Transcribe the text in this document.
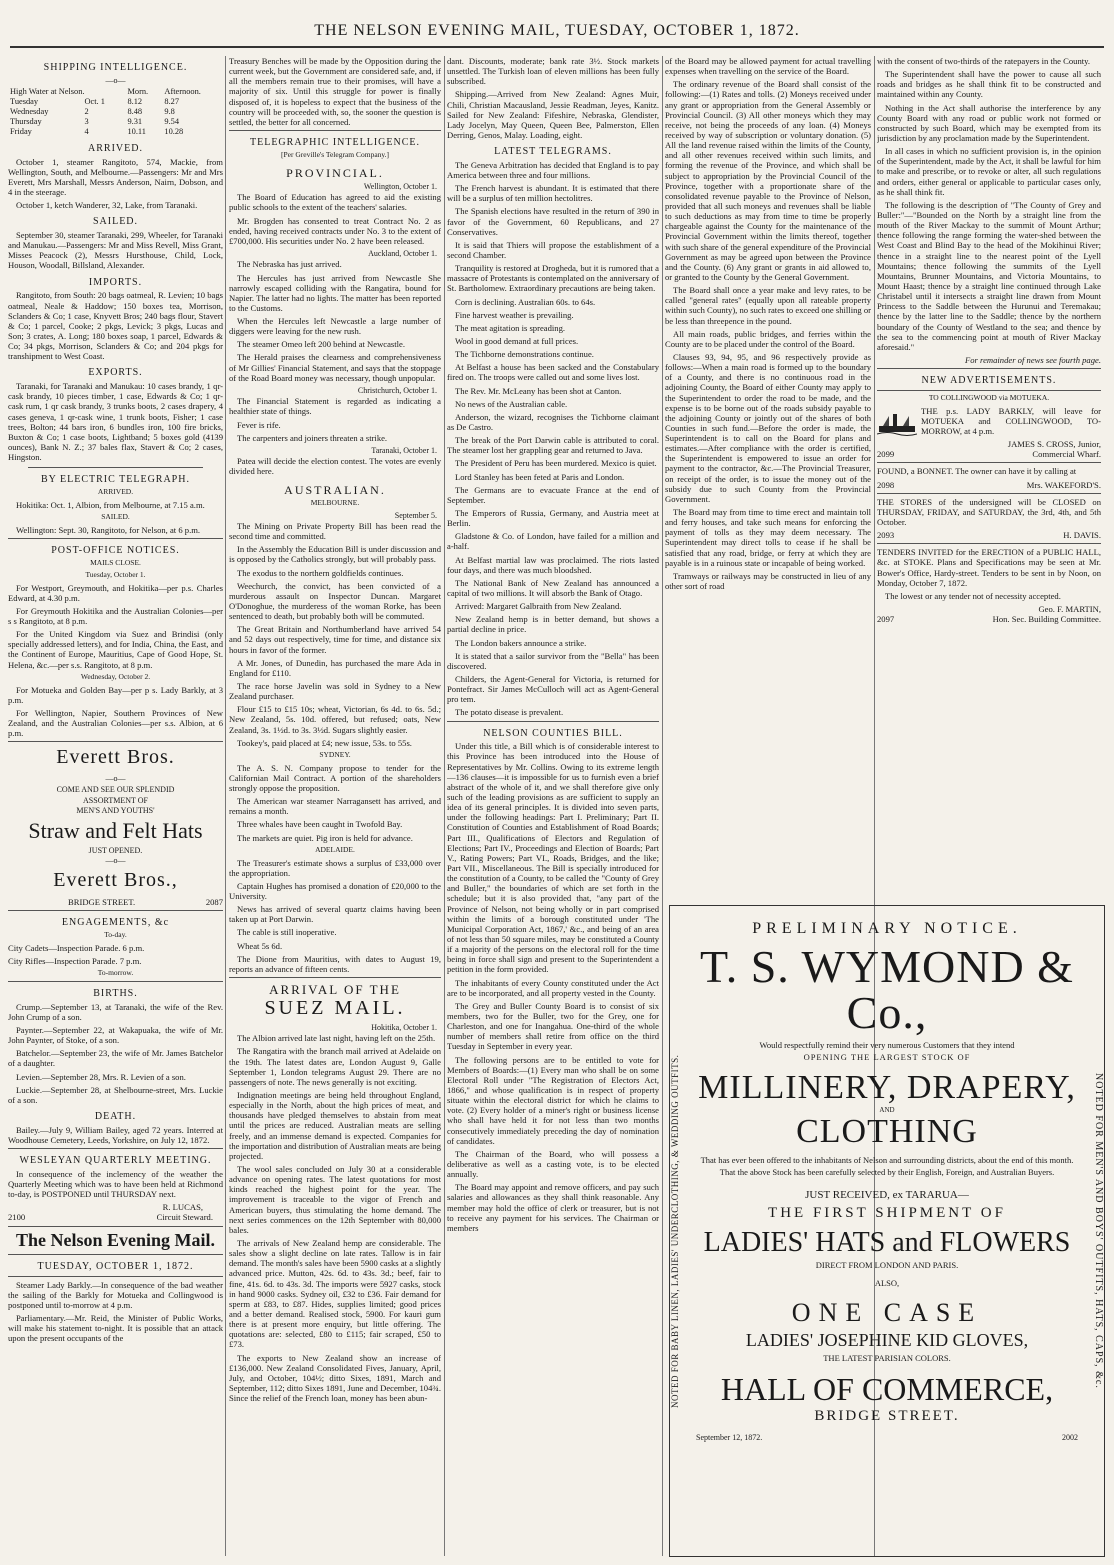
THE NELSON EVENING MAIL, TUESDAY, OCTOBER 1, 1872.
SHIPPING INTELLIGENCE.
—o—
High Water at Nelson.		Morn.	Afternoon.
Tuesday	Oct. 1	8.12	8.27
Wednesday	2	8.48	9.8
Thursday	3	9.31	9.54
Friday	4	10.11	10.28
ARRIVED.

October 1, steamer Rangitoto, 574, Mackie, from Wellington, South, and Melbourne.—Passengers: Mr and Mrs Everett, Mrs Marshall, Messrs Anderson, Nairn, Dobson, and 4 in the steerage.

October 1, ketch Wanderer, 32, Lake, from Taranaki.

SAILED.

September 30, steamer Taranaki, 299, Wheeler, for Taranaki and Manukau.—Passengers: Mr and Miss Revell, Miss Grant, Misses Peacock (2), Messrs Hursthouse, Child, Lock, Houson, Woodall, Billsland, Alexander.

IMPORTS.

Rangitoto, from South: 20 bags oatmeal, R. Levien; 10 bags oatmeal, Neale & Haddow; 150 boxes tea, Morrison, Sclanders & Co; 1 case, Knyvett Bros; 240 bags flour, Stavert & Co; 1 parcel, Cooke; 2 pkgs, Levick; 3 pkgs, Lucas and Son; 3 crates, A. Long; 180 boxes soap, 1 parcel, Edwards & Co; 34 pkgs, Morrison, Sclanders & Co; and 204 pkgs for transhipment to West Coast.

EXPORTS.

Taranaki, for Taranaki and Manukau: 10 cases brandy, 1 qr-cask brandy, 10 pieces timber, 1 case, Edwards & Co; 1 qr-cask rum, 1 qr cask brandy, 3 trunks boots, 2 cases drapery, 4 cases geneva, 1 qr-cask wine, 1 trunk boots, Fisher; 1 case trees, Bolton; 44 bars iron, 6 bundles iron, 100 fire bricks, Buxton & Co; 1 case boots, Lightband; 5 boxes gold (4139 ounces), Bank N. Z.; 37 bales flax, Stavert & Co; 2 cases, Hingston.

BY ELECTRIC TELEGRAPH.
ARRIVED.

Hokitika: Oct. 1, Albion, from Melbourne, at 7.15 a.m.

SAILED.

Wellington: Sept. 30, Rangitoto, for Nelson, at 6 p.m.

POST-OFFICE NOTICES.
MAILS CLOSE.
Tuesday, October 1.

For Westport, Greymouth, and Hokitika—per p.s. Charles Edward, at 4.30 p.m.

For Greymouth Hokitika and the Australian Colonies—per s s Rangitoto, at 8 p.m.

For the United Kingdom via Suez and Brindisi (only specially addressed letters), and for India, China, the East, and the Continent of Europe, Mauritius, Cape of Good Hope, St. Helena, &c.—per s.s. Rangitoto, at 8 p.m.

Wednesday, October 2.

For Motueka and Golden Bay—per p s. Lady Barkly, at 3 p.m.

For Wellington, Napier, Southern Provinces of New Zealand, and the Australian Colonies—per s.s. Albion, at 6 p.m.

Everett Bros.
—o—
COME AND SEE OUR SPLENDID
ASSORTMENT OF
MEN'S AND YOUTHS'
Straw and Felt Hats
JUST OPENED.
—o—
Everett Bros.,
BRIDGE STREET.	2087
ENGAGEMENTS, &c
To-day.

City Cadets—Inspection Parade. 6 p.m.

City Rifles—Inspection Parade. 7 p.m.

To-morrow.
BIRTHS.

Crump.—September 13, at Taranaki, the wife of the Rev. John Crump of a son.

Paynter.—September 22, at Wakapuaka, the wife of Mr. John Paynter, of Stoke, of a son.

Batchelor.—September 23, the wife of Mr. James Batchelor of a daughter.

Levien.—September 28, Mrs. R. Levien of a son.

Luckie.—September 28, at Shelbourne-street, Mrs. Luckie of a son.

DEATH.

Bailey.—July 9, William Bailey, aged 72 years. Interred at Woodhouse Cemetery, Leeds, Yorkshire, on July 12, 1872.

WESLEYAN QUARTERLY MEETING.

In consequence of the inclemency of the weather the Quarterly Meeting which was to have been held at Richmond to-day, is POSTPONED until THURSDAY next.

R. LUCAS,
2100	Circuit Steward.
The Nelson Evening Mail.
TUESDAY, OCTOBER 1, 1872.

Steamer Lady Barkly.—In consequence of the bad weather the sailing of the Barkly for Motueka and Collingwood is postponed until to-morrow at 4 p.m.

Parliamentary.—Mr. Reid, the Minister of Public Works, will make his statement to-night. It is possible that an attack upon the present occupants of the

Treasury Benches will be made by the Opposition during the current week, but the Government are considered safe, and, if all the members remain true to their promises, will have a majority of six. Until this struggle for power is finally disposed of, it is hopeless to expect that the business of the country will be proceeded with, so, the sooner the question is settled, the better for all concerned.

TELEGRAPHIC INTELLIGENCE.
[Per Greville's Telegram Company.]
PROVINCIAL.
Wellington, October 1.

The Board of Education has agreed to aid the existing public schools to the extent of the teachers' salaries.

Mr. Brogden has consented to treat Contract No. 2 as ended, having received contracts under No. 3 to the extent of £700,000. His securities under No. 2 have been released.

Auckland, October 1.

The Nebraska has just arrived.

The Hercules has just arrived from Newcastle She narrowly escaped colliding with the Rangatira, bound for Napier. The latter had no lights. The matter has been reported to the Customs.

When the Hercules left Newcastle a large number of diggers were leaving for the new rush.

The steamer Omeo left 200 behind at Newcastle.

The Herald praises the clearness and comprehensiveness of Mr Gillies' Financial Statement, and says that the stoppage of the Road Board money was necessary, though unpopular.

Christchurch, October 1.

The Financial Statement is regarded as indicating a healthier state of things.

Fever is rife.

The carpenters and joiners threaten a strike.

Taranaki, October 1.

Patea will decide the election contest. The votes are evenly divided here.

AUSTRALIAN.
MELBOURNE.
September 5.

The Mining on Private Property Bill has been read the second time and committed.

In the Assembly the Education Bill is under discussion and is opposed by the Catholics strongly, but will probably pass.

The exodus to the northern goldfields continues.

Weechurch, the convict, has been convicted of a murderous assault on Inspector Duncan. Margaret O'Donoghue, the murderess of the woman Rorke, has been sentenced to death, but probably both will be commuted.

The Great Britain and Northumberland have arrived 54 and 52 days out respectively, time for time, and distance six hours in favor of the former.

A Mr. Jones, of Dunedin, has purchased the mare Ada in England for £110.

The race horse Javelin was sold in Sydney to a New Zealand purchaser.

Flour £15 to £15 10s; wheat, Victorian, 6s 4d. to 6s. 5d.; New Zealand, 5s. 10d. offered, but refused; oats, New Zealand, 3s. 1½d. to 3s. 3½d. Sugars slightly easier.

Tookey's, paid placed at £4; new issue, 53s. to 55s.

SYDNEY.

The A. S. N. Company propose to tender for the Californian Mail Contract. A portion of the shareholders strongly oppose the proposition.

The American war steamer Narragansett has arrived, and remains a month.

Three whales have been caught in Twofold Bay.

The markets are quiet. Pig iron is held for advance.

ADELAIDE.

The Treasurer's estimate shows a surplus of £33,000 over the appropriation.

Captain Hughes has promised a donation of £20,000 to the University.

News has arrived of several quartz claims having been taken up at Port Darwin.

The cable is still inoperative.

Wheat 5s 6d.

The Dione from Mauritius, with dates to August 19, reports an advance of fifteen cents.

ARRIVAL OF THE
SUEZ MAIL.
Hokitika, October 1.

The Albion arrived late last night, having left on the 25th.

The Rangatira with the branch mail arrived at Adelaide on the 19th. The latest dates are, London August 9, Galle September 1, London telegrams August 29. There are no passengers of note. The news generally is not exciting.

Indignation meetings are being held throughout England, especially in the North, about the high prices of meat, and thousands have pledged themselves to abstain from meat until the prices are reduced. Australian meats are selling freely, and an immense demand is expected. Companies for the importation and distribution of Australian meats are being projected.

The wool sales concluded on July 30 at a considerable advance on opening rates. The latest quotations for most kinds reached the highest point for the year. The improvement is traceable to the vigor of French and American buyers, thus stimulating the home demand. The next series commences on the 12th September with 80,000 bales.

The arrivals of New Zealand hemp are considerable. The sales show a slight decline on late rates. Tallow is in fair demand. The month's sales have been 5900 casks at a slightly advanced price. Mutton, 42s. 6d. to 43s. 3d.; beef, fair to fine, 41s. 6d. to 43s. 3d. The imports were 5927 casks, stock in hand 9000 casks. Sydney oil, £32 to £36. Fair demand for sperm at £83, to £87. Hides, supplies limited; good prices and a better demand. Realised stock, 5900. For kauri gum there is at present more enquiry, but little offering. The quotations are: selected, £80 to £115; fair scraped, £50 to £73.

The exports to New Zealand show an increase of £136,000. New Zealand Consolidated Fives, January, April, July, and October, 104½; ditto Sixes, 1891, March and September, 112; ditto Sixes 1891, June and December, 104¾. Since the relief of the French loan, money has been abun-

dant. Discounts, moderate; bank rate 3½. Stock markets unsettled. The Turkish loan of eleven millions has been fully subscribed.

Shipping.—Arrived from New Zealand: Agnes Muir, Chili, Christian Macausland, Jessie Readman, Jeyes, Kanitz. Sailed for New Zealand: Fifeshire, Nebraska, Glendister, Lady Jocelyn, May Queen, Queen Bee, Palmerston, Ellen Derring, Genos, Malay. Loading, eight.

LATEST TELEGRAMS.

The Geneva Arbitration has decided that England is to pay America between three and four millions.

The French harvest is abundant. It is estimated that there will be a surplus of ten million hectolitres.

The Spanish elections have resulted in the return of 390 in favor of the Government, 60 Republicans, and 27 Conservatives.

It is said that Thiers will propose the establishment of a second Chamber.

Tranquility is restored at Drogheda, but it is rumored that a massacre of Protestants is contemplated on the anniversary of St. Bartholomew. Extraordinary precautions are being taken.

Corn is declining. Australian 60s. to 64s.

Fine harvest weather is prevailing.

The meat agitation is spreading.

Wool in good demand at full prices.

The Tichborne demonstrations continue.

At Belfast a house has been sacked and the Constabulary fired on. The troops were called out and some lives lost.

The Rev. Mr. McLeany has been shot at Canton.

No news of the Australian cable.

Anderson, the wizard, recognises the Tichborne claimant as De Castro.

The break of the Port Darwin cable is attributed to coral. The steamer lost her grappling gear and returned to Java.

The President of Peru has been murdered. Mexico is quiet.

Lord Stanley has been feted at Paris and London.

The Germans are to evacuate France at the end of September.

The Emperors of Russia, Germany, and Austria meet at Berlin.

Gladstone & Co. of London, have failed for a million and a-half.

At Belfast martial law was proclaimed. The riots lasted four days, and there was much bloodshed.

The National Bank of New Zealand has announced a capital of two millions. It will absorb the Bank of Otago.

Arrived: Margaret Galbraith from New Zealand.

New Zealand hemp is in better demand, but shows a partial decline in price.

The London bakers announce a strike.

It is stated that a sailor survivor from the "Bella" has been discovered.

Childers, the Agent-General for Victoria, is returned for Pontefract. Sir James McCulloch will act as Agent-General pro tem.

The potato disease is prevalent.

NELSON COUNTIES BILL.

Under this title, a Bill which is of considerable interest to this Province has been introduced into the House of Representatives by Mr. Collins. Owing to its extreme length—136 clauses—it is impossible for us to furnish even a brief abstract of the whole of it, and we shall therefore give only such of the leading provisions as are sufficient to supply an idea of its general principles. It is divided into seven parts, under the following headings: Part I. Preliminary; Part II. Constitution of Counties and Establishment of Road Boards; Part III., Qualifications of Electors and Regulation of Elections; Part IV., Proceedings and Election of Boards; Part V., Rating Powers; Part VI., Roads, Bridges, and the like; Part VII., Miscellaneous. The Bill is specially introduced for the constitution of a County, to be called the "County of Grey and Buller," the boundaries of which are set forth in the schedule; but it is also provided that, "any part of the Province of Nelson, not being wholly or in part comprised within the limits of a borough constituted under 'The Municipal Corporation Act, 1867,' &c., and being of an area of not less than 50 square miles, may be constituted a County if a majority of the persons on the electoral roll for the time being in force shall sign and present to the Superintendent a petition in the form provided.

The inhabitants of every County constituted under the Act are to be incorporated, and all property vested in the County.

The Grey and Buller County Board is to consist of six members, two for the Buller, two for the Grey, one for Charleston, and one for Inangahua. One-third of the whole number of members shall retire from office on the third Tuesday in September in every year.

The following persons are to be entitled to vote for Members of Boards:—(1) Every man who shall be on some Electoral Roll under "The Registration of Electors Act, 1866," and whose qualification is in respect of property situate within the electoral district for which he claims to vote. (2) Every holder of a miner's right or business license who shall have held it for not less than two months consecutively immediately preceding the day of nomination of candidates.

The Chairman of the Board, who will possess a deliberative as well as a casting vote, is to be elected annually.

The Board may appoint and remove officers, and pay such salaries and allowances as they shall think reasonable. Any member may hold the office of clerk or treasurer, but is not to receive any payment for his services. The Chairman or members

of the Board may be allowed payment for actual travelling expenses when travelling on the service of the Board.

The ordinary revenue of the Board shall consist of the following:—(1) Rates and tolls. (2) Moneys received under any grant or appropriation from the General Assembly or Provincial Council. (3) All other moneys which they may receive, not being the proceeds of any loan. (4) Moneys received by way of subscription or voluntary donation. (5) All the land revenue raised within the limits of the County, and all other revenues received within such limits, and forming the revenue of the Province, and which shall be subject to appropriation by the Provincial Council of the Province, together with a proportionate share of the consolidated revenue payable to the Province of Nelson, provided that all such moneys and revenues shall be liable to such deductions as may from time to time be properly chargeable against the County for the maintenance of the Provincial Government within the limits thereof, together with such share of the general expenditure of the Provincial Government as may be agreed upon between the Province and the County. (6) Any grant or grants in aid allowed to, or granted to the County by the General Government.

The Board shall once a year make and levy rates, to be called "general rates" (equally upon all rateable property within such County), no such rates to exceed one shilling or be less than threepence in the pound.

All main roads, public bridges, and ferries within the County are to be placed under the control of the Board.

Clauses 93, 94, 95, and 96 respectively provide as follows:—When a main road is formed up to the boundary of a County, and there is no continuous road in the adjoining County, the Board of either County may apply to the Superintendent to order the road to be made, and the expense is to be borne out of the roads subsidy payable to the adjoining County or jointly out of the shares of both Counties in such fund.—Before the order is made, the Superintendent is to call on the Board for plans and estimates.—After compliance with the order is certified, the Superintendent is empowered to issue an order for payment to the contractor, &c.—The Provincial Treasurer, on receipt of the order, is to issue the money out of the subsidy due to such County from the Provincial Government.

The Board may from time to time erect and maintain toll and ferry houses, and take such means for enforcing the payment of tolls as they may deem necessary. The Superintendent may direct tolls to cease if he shall be satisfied that any road, bridge, or ferry at which they are payable is in a ruinous state or incapable of being worked.

Tramways or railways may be constructed in lieu of any other sort of road

with the consent of two-thirds of the ratepayers in the County.

The Superintendent shall have the power to cause all such roads and bridges as he shall think fit to be constructed and maintained within any County.

Nothing in the Act shall authorise the interference by any County Board with any road or public work not formed or constructed by such Board, which may be exempted from its jurisdiction by any proclamation made by the Superintendent.

In all cases in which no sufficient provision is, in the opinion of the Superintendent, made by the Act, it shall be lawful for him to make and prescribe, or to revoke or alter, all such regulations and orders, either general or applicable to particular cases only, as he shall think fit.

The following is the description of "The County of Grey and Buller:"—"Bounded on the North by a straight line from the mouth of the River Mackay to the summit of Mount Arthur; thence following the range forming the water-shed between the West Coast and Blind Bay to the head of the Mokihinui River; thence in a straight line to the nearest point of the Lyell Mountains; thence following the summits of the Lyell Mountains, Brunner Mountains, and Victoria Mountains, to Mount Haast; thence by a straight line continued through Lake Christabel until it intersects a straight line drawn from Mount Princess to the Saddle between the Hurunui and Teremakau; thence by the latter line to the Saddle; thence by the northern boundary of the County of Westland to the sea; and thence by the sea to the commencing point at mouth of River Mackay aforesaid."

For remainder of news see fourth page.
NEW ADVERTISEMENTS.
TO COLLINGWOOD via MOTUEKA.

THE p.s. LADY BARKLY, will leave for MOTUEKA and COLLINGWOOD, TO-MORROW, at 4 p.m.

JAMES S. CROSS, Junior,
2099	Commercial Wharf.

FOUND, a BONNET. The owner can have it by calling at

2098	Mrs. WAKEFORD'S.

THE STORES of the undersigned will be CLOSED on THURSDAY, FRIDAY, and SATURDAY, the 3rd, 4th, and 5th October.

2093	H. DAVIS.

TENDERS INVITED for the ERECTION of a PUBLIC HALL, &c. at STOKE. Plans and Specifications may be seen at Mr. Bower's Office, Hardy-street. Tenders to be sent in by Noon, on Monday, October 7, 1872.

The lowest or any tender not of necessity accepted.

Geo. F. MARTIN,
2097	Hon. Sec. Building Committee.
NOTED FOR BABY LINEN, LADIES' UNDERCLOTHING, & WEDDING OUTFITS.	NOTED FOR MEN'S AND BOYS' OUTFITS, HATS, CAPS, &c.
PRELIMINARY NOTICE.
T. S. WYMOND & Co.,
Would respectfully remind their very numerous Customers that they intend
OPENING THE LARGEST STOCK OF
MILLINERY, DRAPERY,
AND
CLOTHING
That has ever been offered to the inhabitants of Nelson and surrounding districts, about the end of this month.
That the above Stock has been carefully selected by their English, Foreign, and Australian Buyers.
JUST RECEIVED, ex TARARUA—
THE FIRST SHIPMENT OF
LADIES' HATS and FLOWERS
DIRECT FROM LONDON AND PARIS.
ALSO,
ONE CASE
LADIES' JOSEPHINE KID GLOVES,
THE LATEST PARISIAN COLORS.
HALL OF COMMERCE,
BRIDGE STREET.
September 12, 1872.	2002
